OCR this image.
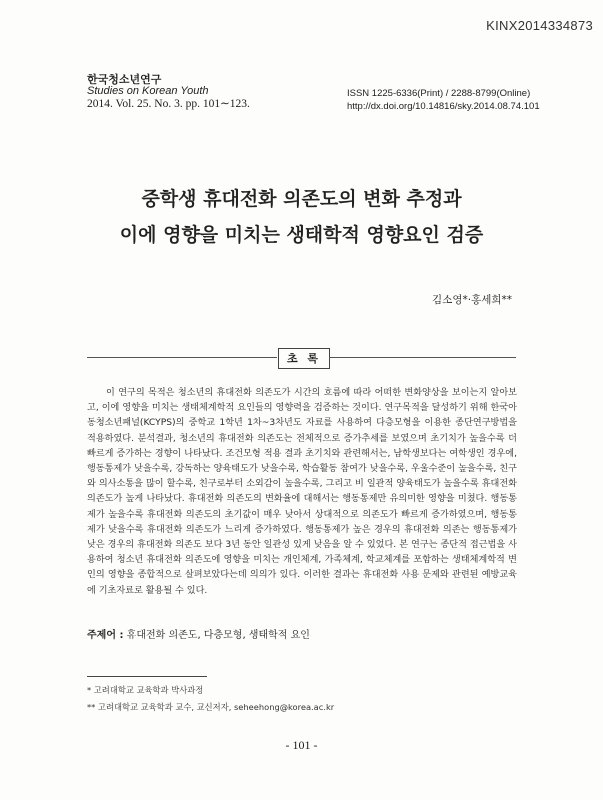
KINX2014334873
한국청소년연구
Studies on Korean Youth
2014. Vol. 25. No. 3. pp. 101∼123.
ISSN 1225-6336(Print) / 2288-8799(Online)
http://dx.doi.org/10.14816/sky.2014.08.74.101
중학생 휴대전화 의존도의 변화 추정과
이에 영향을 미치는 생태학적 영향요인 검증
김소영*·홍세희**
초 록

이 연구의 목적은 청소년의 휴대전화 의존도가 시간의 흐름에 따라 어떠한 변화양상을 보이는지 알아보고, 이에 영향을 미치는 생태체계학적 요인들의 영향력을 검증하는 것이다. 연구목적을 달성하기 위해 한국아동청소년패널(KCYPS)의 중학교 1학년 1차~3차년도 자료를 사용하여 다층모형을 이용한 종단연구방법을 적용하였다. 분석결과, 청소년의 휴대전화 의존도는 전체적으로 증가추세를 보였으며 초기치가 높을수록 더 빠르게 증가하는 경향이 나타났다. 조건모형 적용 결과 초기치와 관련해서는, 남학생보다는 여학생인 경우에, 행동통제가 낮을수록, 강독하는 양육태도가 낮을수록, 학습활동 참여가 낮을수록, 우울수준이 높을수록, 친구와 의사소통을 많이 할수록, 친구로부터 소외감이 높을수록, 그리고 비 일관적 양육태도가 높을수록 휴대전화 의존도가 높게 나타났다. 휴대전화 의존도의 변화율에 대해서는 행동통제만 유의미한 영향을 미쳤다. 행동통제가 높을수록 휴대전화 의존도의 초기값이 매우 낮아서 상대적으로 의존도가 빠르게 증가하였으며, 행동통제가 낮을수록 휴대전화 의존도가 느리게 증가하였다. 행동통제가 높은 경우의 휴대전화 의존는 행동통제가 낮은 경우의 휴대전화 의존도 보다 3년 동안 일관성 있게 낮음을 알 수 있었다. 본 연구는 종단적 접근법을 사용하여 청소년 휴대전화 의존도에 영향을 미치는 개인체계, 가족체계, 학교체계를 포함하는 생태체계학적 변인의 영향을 종합적으로 살펴보았다는데 의의가 있다. 이러한 결과는 휴대전화 사용 문제와 관련된 예방교육에 기초자료로 활용될 수 있다.

주제어 : 휴대전화 의존도, 다층모형, 생태학적 요인
* 고려대학교 교육학과 박사과정
** 고려대학교 교육학과 교수, 교신저자, seheehong@korea.ac.kr
- 101 -
